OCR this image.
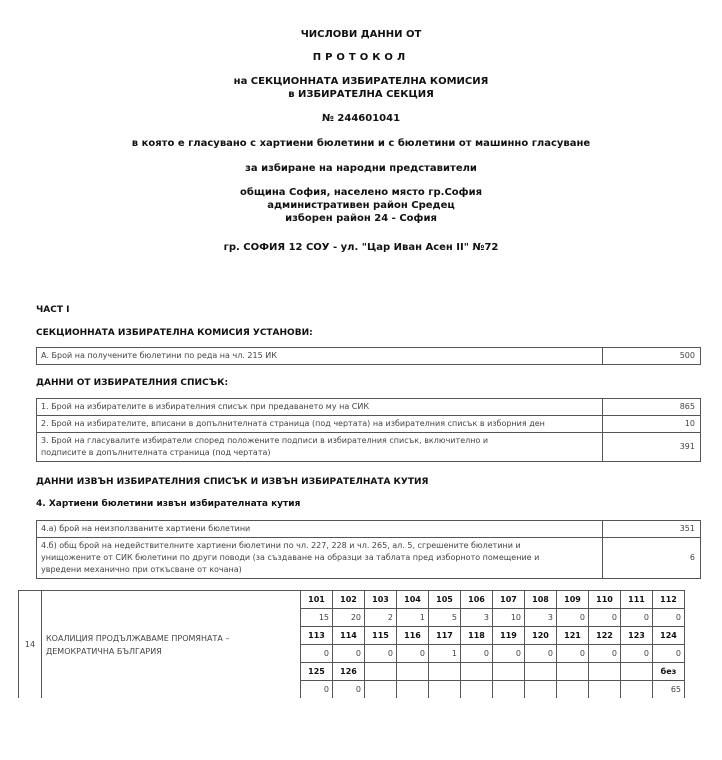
ЧИСЛОВИ ДАННИ ОТ
ПРОТОКОЛ
на СЕКЦИОННАТА ИЗБИРАТЕЛНА КОМИСИЯ
в ИЗБИРАТЕЛНА СЕКЦИЯ
№ 244601041
в която е гласувано с хартиени бюлетини и с бюлетини от машинно гласуване
за избиране на народни представители
община София, населено място гр.София
административен район Средец
изборен район 24 - София
гр. СОФИЯ 12 СОУ - ул. "Цар Иван Асен II" №72
ЧАСТ I
СЕКЦИОННАТА ИЗБИРАТЕЛНА КОМИСИЯ УСТАНОВИ:
А. Брой на получените бюлетини по реда на чл. 215 ИК	500
ДАННИ ОТ ИЗБИРАТЕЛНИЯ СПИСЪК:
1. Брой на избирателите в избирателния списък при предаването му на СИК	865
2. Брой на избирателите, вписани в допълнителната страница (под чертата) на избирателния списък в изборния ден	10
3. Брой на гласувалите избиратели според положените подписи в избирателния списък, включително и подписите в допълнителната страница (под чертата)	391
ДАННИ ИЗВЪН ИЗБИРАТЕЛНИЯ СПИСЪК И ИЗВЪН ИЗБИРАТЕЛНАТА КУТИЯ
4. Хартиени бюлетини извън избирателната кутия
4.а) брой на неизползваните хартиени бюлетини	351
4.б) общ брой на недействителните хартиени бюлетини по чл. 227, 228 и чл. 265, ал. 5, сгрешените бюлетини и унищожените от СИК бюлетини по други поводи (за създаване на образци за таблата пред изборното помещение и увредени механично при откъсване от кочана)	6
14	КОАЛИЦИЯ ПРОДЪЛЖАВАМЕ ПРОМЯНАТА – ДЕМОКРАТИЧНА БЪЛГАРИЯ	101	102	103	104	105	106	107	108	109	110	111	112
		15	20	2	1	5	3	10	3	0	0	0	0
		113	114	115	116	117	118	119	120	121	122	123	124
		0	0	0	0	1	0	0	0	0	0	0	0
		125	126										без
		0	0										65
